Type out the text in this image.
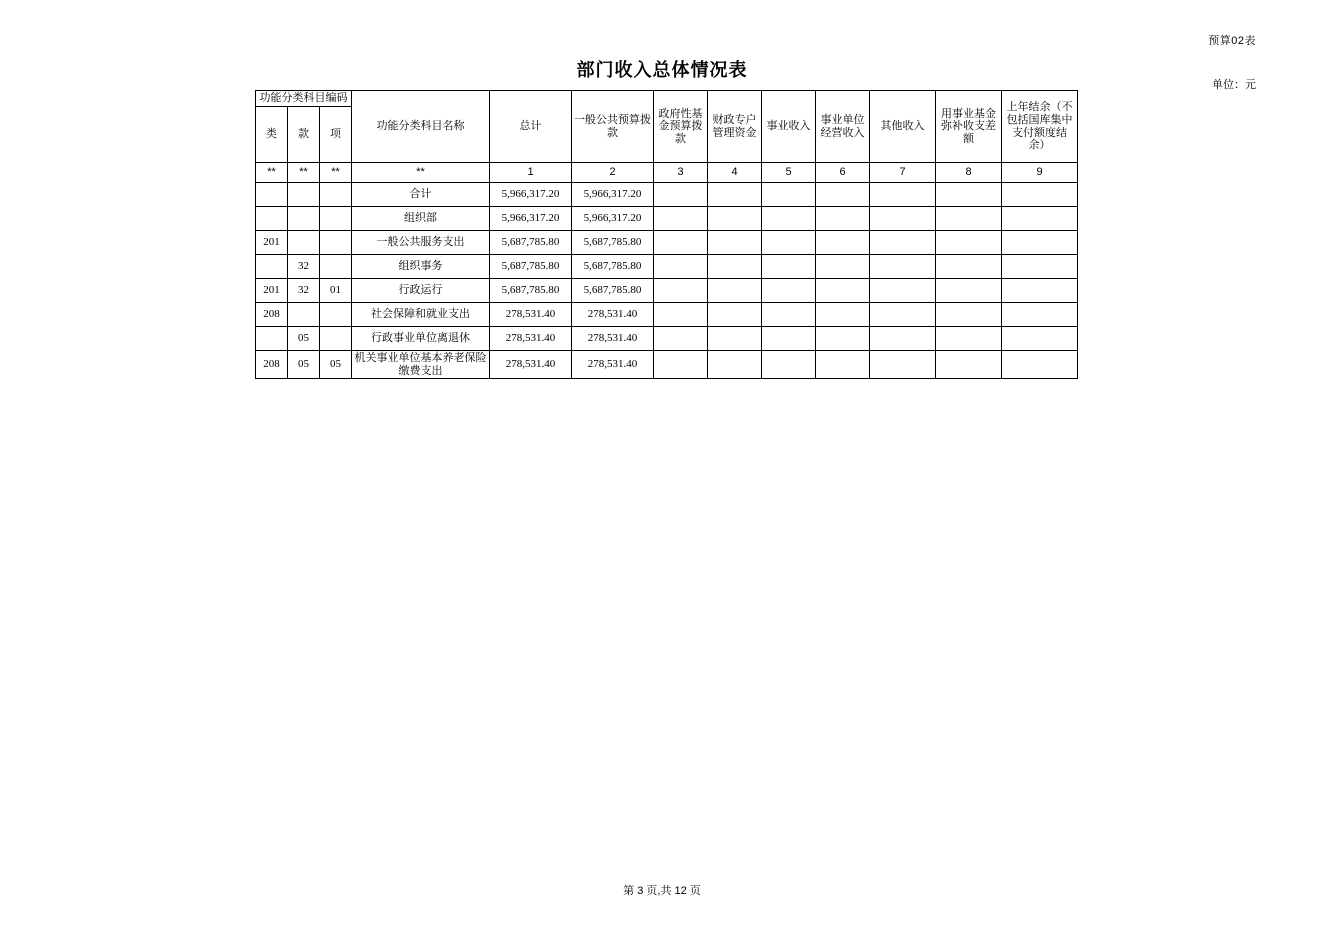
预算02表
部门收入总体情况表
单位：元
功能分类科目编码			功能分类科目名称	总计	一般公共预算拨款	政府性基金预算拨款	财政专户管理资金	事业收入	事业单位经营收入	其他收入	用事业基金弥补收支差额	上年结余（不包括国库集中支付额度结余）
类	款	项										
**	**	**	**	1	2	3	4	5	6	7	8	9
			合计	5,966,317.20	5,966,317.20							
			组织部	5,966,317.20	5,966,317.20							
201			一般公共服务支出	5,687,785.80	5,687,785.80							
	32		组织事务	5,687,785.80	5,687,785.80							
201	32	01	行政运行	5,687,785.80	5,687,785.80							
208			社会保障和就业支出	278,531.40	278,531.40							
	05		行政事业单位离退休	278,531.40	278,531.40							
208	05	05	机关事业单位基本养老保险缴费支出	278,531.40	278,531.40							
第 3 页,共 12 页
